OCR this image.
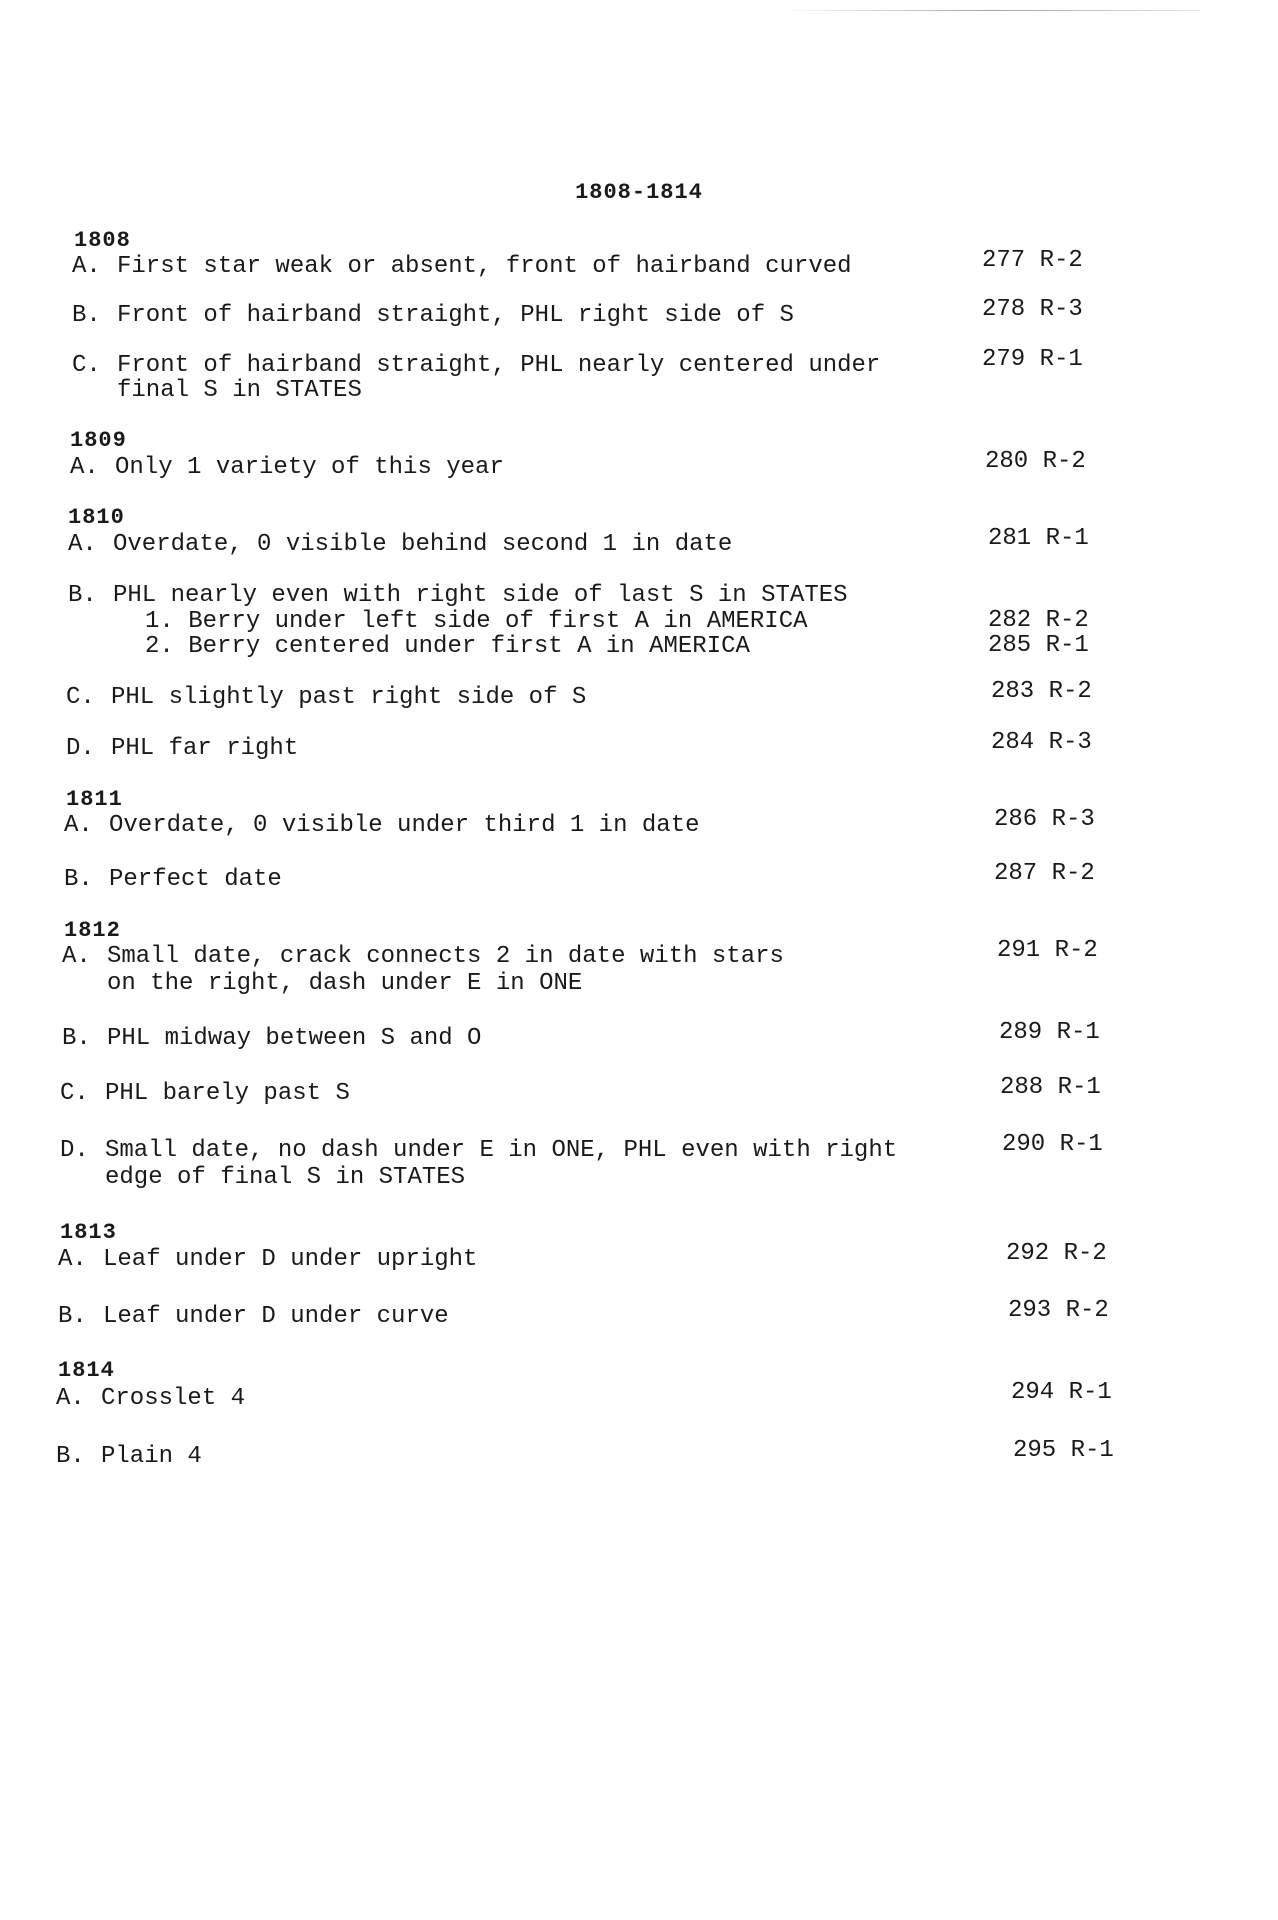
1808-1814
1808
A. First star weak or absent, front of hairband curved	277 R-2
B. Front of hairband straight, PHL right side of S	278 R-3
C. Front of hairband straight, PHL nearly centered under
final S in STATES
279 R-1
1809
A. Only 1 variety of this year	280 R-2
1810
A. Overdate, 0 visible behind second 1 in date	281 R-1
B. PHL nearly even with right side of last S in STATES
1. Berry under left side of first A in AMERICA	282 R-2
2. Berry centered under first A in AMERICA	285 R-1
C. PHL slightly past right side of S	283 R-2
D. PHL far right	284 R-3
1811
A. Overdate, 0 visible under third 1 in date	286 R-3
B. Perfect date	287 R-2
1812
A. Small date, crack connects 2 in date with stars
on the right, dash under E in ONE
291 R-2
B. PHL midway between S and O	289 R-1
C. PHL barely past S	288 R-1
D. Small date, no dash under E in ONE, PHL even with right
edge of final S in STATES
290 R-1
1813
A. Leaf under D under upright	292 R-2
B. Leaf under D under curve	293 R-2
1814
A. Crosslet 4	294 R-1
B. Plain 4	295 R-1
